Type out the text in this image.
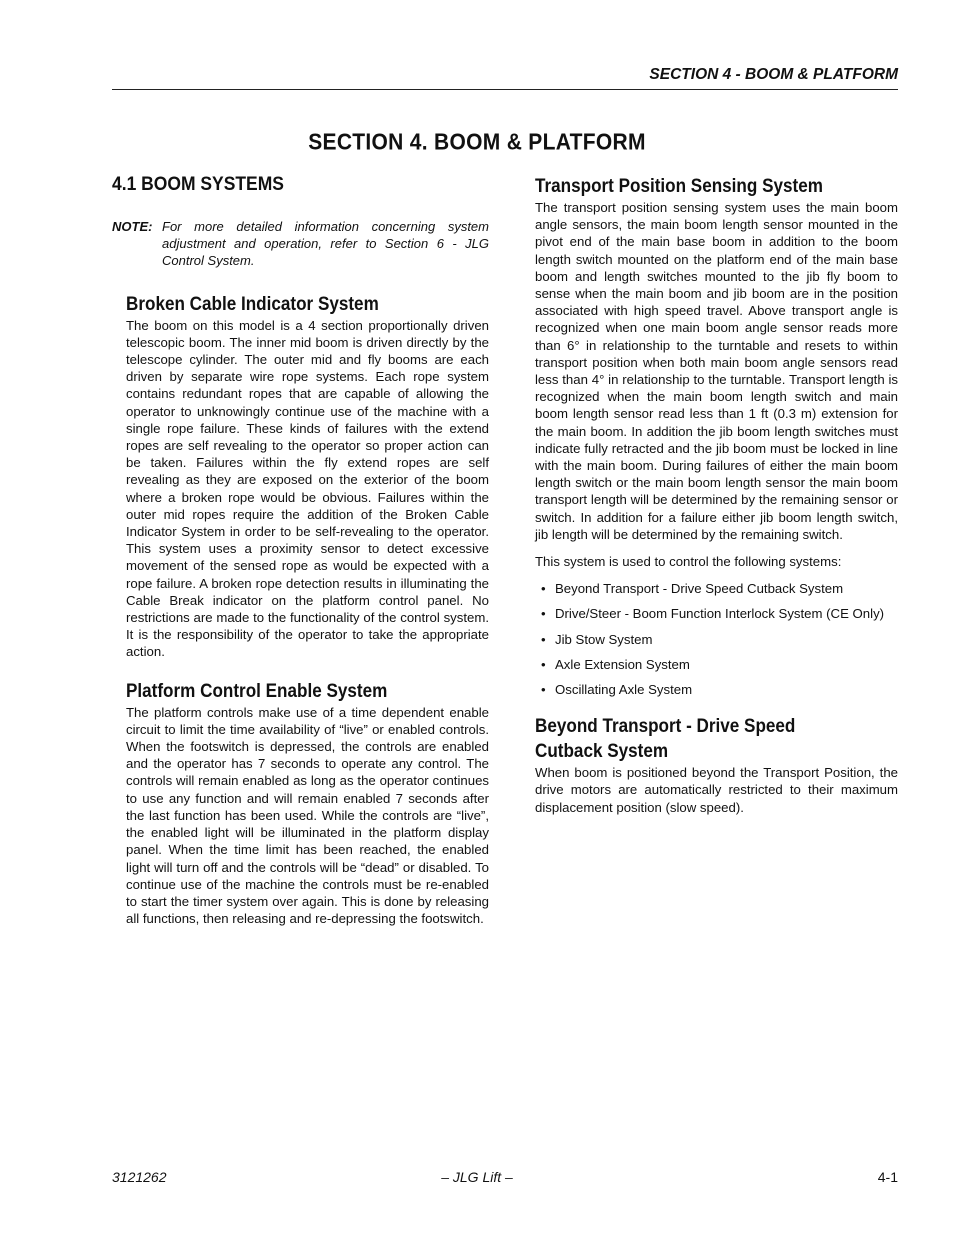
SECTION 4 - BOOM & PLATFORM
SECTION 4. BOOM & PLATFORM
4.1 BOOM SYSTEMS
NOTE: For more detailed information concerning system adjustment and operation, refer to Section 6 - JLG Control System.
Broken Cable Indicator System

The boom on this model is a 4 section proportionally driven telescopic boom. The inner mid boom is driven directly by the telescope cylinder. The outer mid and fly booms are each driven by separate wire rope systems. Each rope system contains redundant ropes that are capable of allowing the operator to unknowingly continue use of the machine with a single rope failure. These kinds of failures with the extend ropes are self revealing to the operator so proper action can be taken. Failures within the fly extend ropes are self revealing as they are exposed on the exterior of the boom where a broken rope would be obvious. Failures within the outer mid ropes require the addition of the Broken Cable Indicator System in order to be self-revealing to the operator. This system uses a proximity sensor to detect excessive movement of the sensed rope as would be expected with a rope failure. A broken rope detection results in illuminating the Cable Break indicator on the platform control panel. No restrictions are made to the functionality of the control system. It is the responsibility of the operator to take the appropriate action.

Platform Control Enable System

The platform controls make use of a time dependent enable circuit to limit the time availability of “live” or enabled controls. When the footswitch is depressed, the controls are enabled and the operator has 7 seconds to operate any control. The controls will remain enabled as long as the operator continues to use any function and will remain enabled 7 seconds after the last function has been used. While the controls are “live”, the enabled light will be illuminated in the platform display panel. When the time limit has been reached, the enabled light will turn off and the controls will be “dead” or disabled. To continue use of the machine the controls must be re-enabled to start the timer system over again. This is done by releasing all functions, then releasing and re-depressing the footswitch.

Transport Position Sensing System

The transport position sensing system uses the main boom angle sensors, the main boom length sensor mounted in the pivot end of the main base boom in addition to the boom length switch mounted on the platform end of the main base boom and length switches mounted to the jib fly boom to sense when the main boom and jib boom are in the position associated with high speed travel. Above transport angle is recognized when one main boom angle sensor reads more than 6° in relationship to the turntable and resets to within transport position when both main boom angle sensors read less than 4° in relationship to the turntable. Transport length is recognized when the main boom length switch and main boom length sensor read less than 1 ft (0.3 m) extension for the main boom. In addition the jib boom length switches must indicate fully retracted and the jib boom must be locked in line with the main boom. During failures of either the main boom length switch or the main boom length sensor the main boom transport length will be determined by the remaining sensor or switch. In addition for a failure either jib boom length switch, jib length will be determined by the remaining switch.

This system is used to control the following systems:

• Beyond Transport - Drive Speed Cutback System
• Drive/Steer - Boom Function Interlock System (CE Only)
• Jib Stow System
• Axle Extension System
• Oscillating Axle System
Beyond Transport - Drive Speed Cutback System

When boom is positioned beyond the Transport Position, the drive motors are automatically restricted to their maximum displacement position (slow speed).

3121262	– JLG Lift –	4-1
